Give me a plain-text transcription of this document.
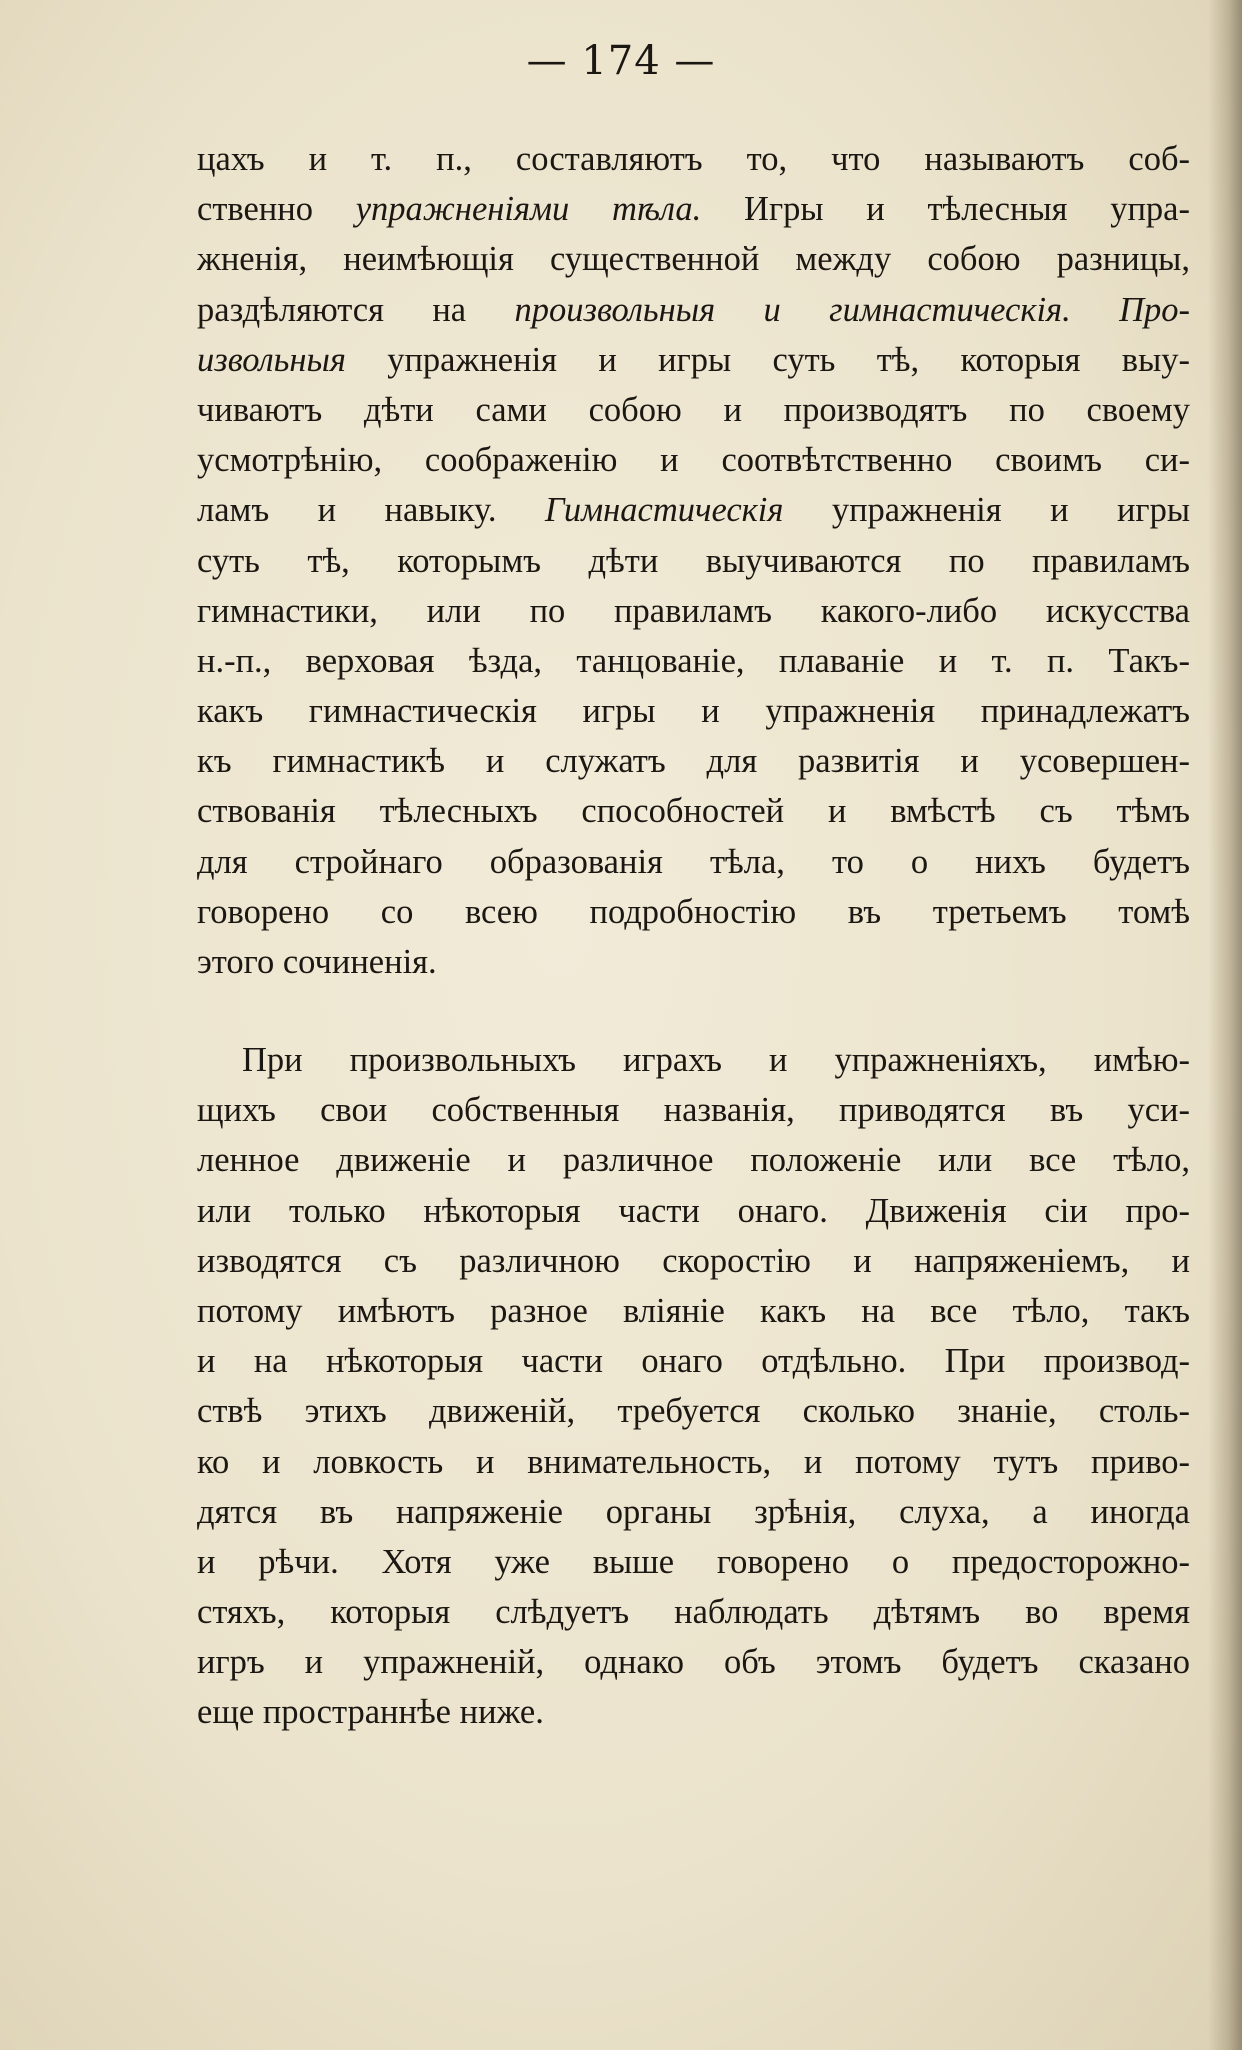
— 174 —
цахъ и т. п., составляютъ то, что называютъ соб-
ственно упражненіями тѣла. Игры и тѣлесныя упра-
жненія, неимѣющія существенной между собою разницы,
раздѣляются на произвольныя и гимнастическія. Про-
извольныя упражненія и игры суть тѣ, которыя выу-
чиваютъ дѣти сами собою и производятъ по своему
усмотрѣнію, соображенію и соотвѣтственно своимъ си-
ламъ и навыку. Гимнастическія упражненія и игры
суть тѣ, которымъ дѣти выучиваются по правиламъ
гимнастики, или по правиламъ какого-либо искусства
н.-п., верховая ѣзда, танцованіе, плаваніе и т. п. Такъ-
какъ гимнастическія игры и упражненія принадлежатъ
къ гимнастикѣ и служатъ для развитія и усовершен-
ствованія тѣлесныхъ способностей и вмѣстѣ съ тѣмъ
для стройнаго образованія тѣла, то о нихъ будетъ
говорено со всею подробностію въ третьемъ томѣ
этого сочиненія.
При произвольныхъ играхъ и упражненіяхъ, имѣю-
щихъ свои собственныя названія, приводятся въ уси-
ленное движеніе и различное положеніе или все тѣло,
или только нѣкоторыя части онаго. Движенія сіи про-
изводятся съ различною скоростію и напряженіемъ, и
потому имѣютъ разное вліяніе какъ на все тѣло, такъ
и на нѣкоторыя части онаго отдѣльно. При производ-
ствѣ этихъ движеній, требуется сколько знаніе, столь-
ко и ловкость и внимательность, и потому тутъ приво-
дятся въ напряженіе органы зрѣнія, слуха, а иногда
и рѣчи. Хотя уже выше говорено о предосторожно-
стяхъ, которыя слѣдуетъ наблюдать дѣтямъ во время
игръ и упражненій, однако объ этомъ будетъ сказано
еще пространнѣе ниже.
